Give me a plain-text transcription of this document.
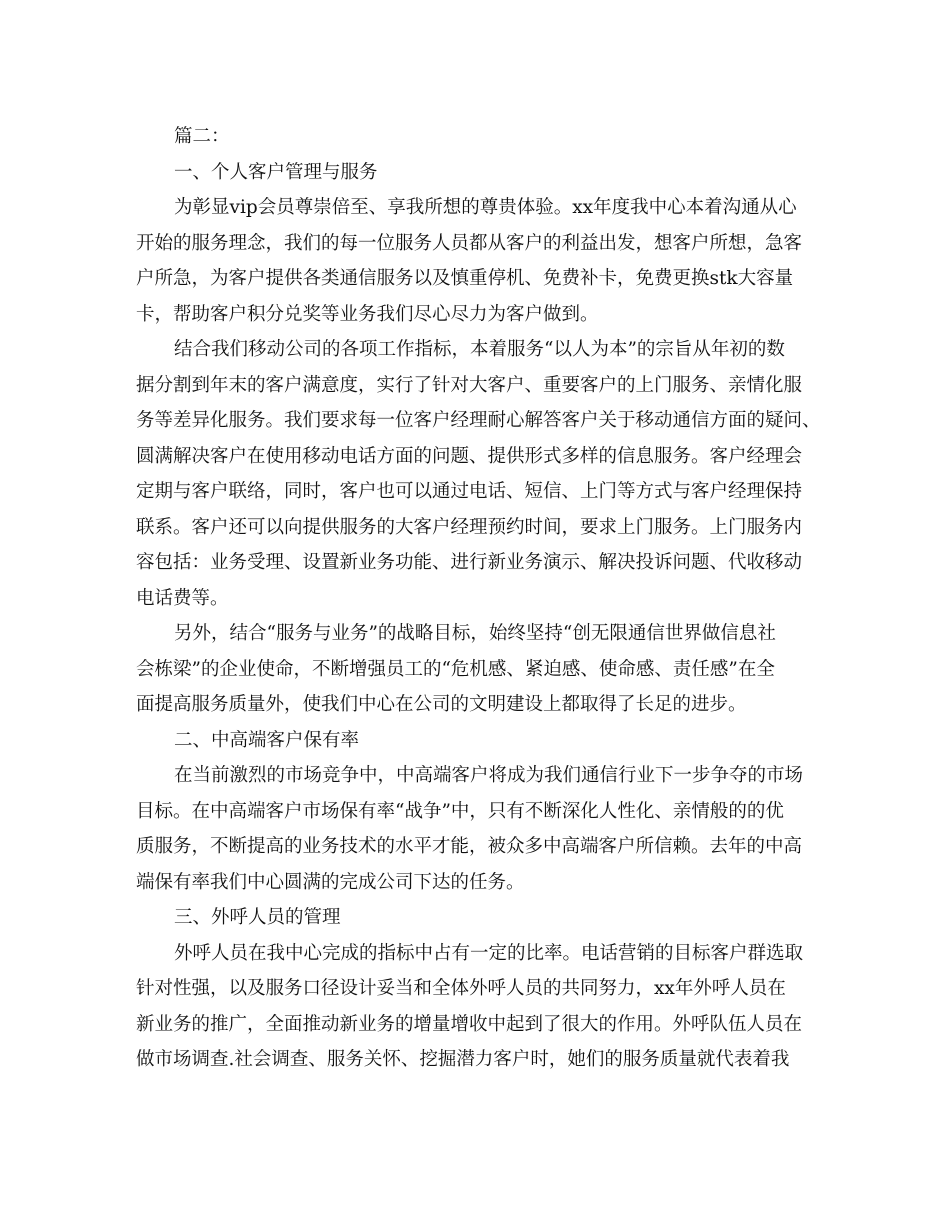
篇二：
一、个人客户管理与服务
为彰显vip会员尊崇倍至、享我所想的尊贵体验。xx年度我中心本着沟通从心
开始的服务理念，我们的每一位服务人员都从客户的利益出发，想客户所想，急客
户所急，为客户提供各类通信服务以及慎重停机、免费补卡，免费更换stk大容量
卡，帮助客户积分兑奖等业务我们尽心尽力为客户做到。
结合我们移动公司的各项工作指标，本着服务“以人为本”的宗旨从年初的数
据分割到年末的客户满意度，实行了针对大客户、重要客户的上门服务、亲情化服
务等差异化服务。我们要求每一位客户经理耐心解答客户关于移动通信方面的疑问、
圆满解决客户在使用移动电话方面的问题、提供形式多样的信息服务。客户经理会
定期与客户联络，同时，客户也可以通过电话、短信、上门等方式与客户经理保持
联系。客户还可以向提供服务的大客户经理预约时间，要求上门服务。上门服务内
容包括：业务受理、设置新业务功能、进行新业务演示、解决投诉问题、代收移动
电话费等。
另外，结合“服务与业务”的战略目标，始终坚持“创无限通信世界做信息社
会栋梁”的企业使命，不断增强员工的“危机感、紧迫感、使命感、责任感”在全
面提高服务质量外，使我们中心在公司的文明建设上都取得了长足的进步。
二、中高端客户保有率
在当前激烈的市场竞争中，中高端客户将成为我们通信行业下一步争夺的市场
目标。在中高端客户市场保有率“战争”中，只有不断深化人性化、亲情般的的优
质服务，不断提高的业务技术的水平才能，被众多中高端客户所信赖。去年的中高
端保有率我们中心圆满的完成公司下达的任务。
三、外呼人员的管理
外呼人员在我中心完成的指标中占有一定的比率。电话营销的目标客户群选取
针对性强，以及服务口径设计妥当和全体外呼人员的共同努力，xx年外呼人员在
新业务的推广，全面推动新业务的增量增收中起到了很大的作用。外呼队伍人员在
做市场调查.社会调查、服务关怀、挖掘潜力客户时，她们的服务质量就代表着我
